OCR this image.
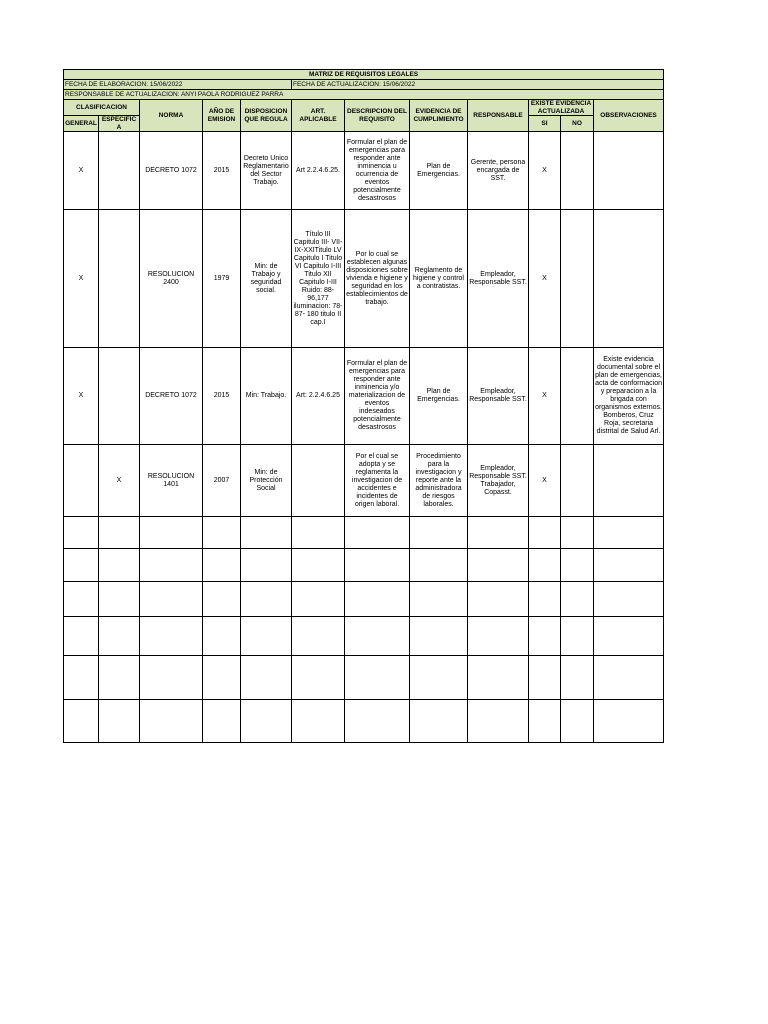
MATRIZ DE REQUISITOS LEGALES											
FECHA DE ELABORACION: 15/06/2022					FECHA DE ACTUALIZACION: 15/06/2022						
RESPONSABLE DE ACTUALIZACION: ANYI PAOLA RODRIGUEZ PARRA											
CLASIFICACION		NORMA	AÑO DE EMISION	DISPOSICION QUE REGULA	ART. APLICABLE	DESCRIPCION DEL REQUISITO	EVIDENCIA DE CUMPLIMIENTO	RESPONSABLE	EXISTE EVIDENCIA ACTUALIZADA		OBSERVACIONES
GENERAL	ESPECIFICA								SI	NO	
X		DECRETO 1072	2015	Decreto Unico Reglamentario del Sector Trabajo.	Art 2.2.4.6.25.	Formular el plan de emergencias para responder ante inminencia u ocurrencia de eventos potencialmente desastrosos	Plan de Emergencias.	Gerente, persona encargada de SST.	X		
X		RESOLUCION 2400	1979	Min: de Trabajo y seguridad social.	Título III Capitulo III- VII-IX-XXITitulo LV Capitulo I Titulo VI Capitulo I-III Titulo XII Capitulo I-III Ruido: 88-96,177 iluminacion: 78-87- 180 titulo II cap.I	Por lo cual se establecen algunas disposiciones sobre vivienda e higiene y seguridad en los establecimientos de trabajo.	Reglamento de higiene y control a contratistas.	Empleador, Responsable SST.	X		
X		DECRETO 1072	2015	Min: Trabajo.	Art: 2.2.4.6.25	Formular el plan de emergencias para responder ante inminencia y/o materializacion de eventos indeseados potencialmente desastrosos	Plan de Emergencias.	Empleador, Responsable SST.	X		Existe evidencia documental sobre el plan de emergencias, acta de conformacion y preparacion a la brigada con organismos externos. Bomberos, Cruz Roja, secretaria distrital de Salud Arl.
	X	RESOLUCION 1401	2007	Min: de Protección Social		Por el cual se adopta y se reglamenta la investigacion de accidentes e incidentes de origen laboral.	Procedimiento para la investigacion y reporte ante la administradora de riesgos laborales.	Empleador, Responsable SST. Trabajador, Copasst.	X		
